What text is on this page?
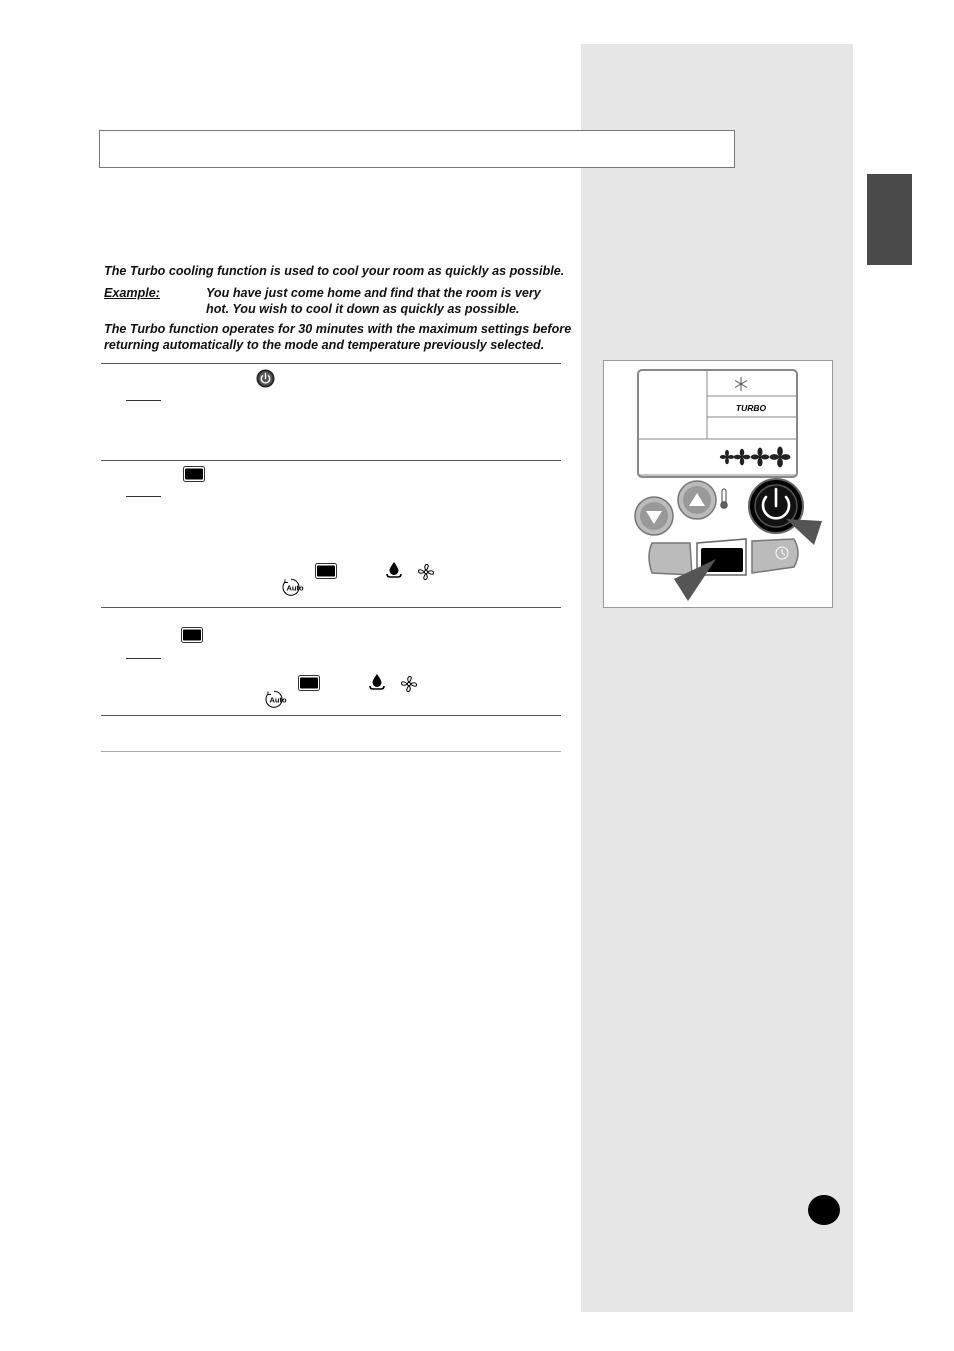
The Turbo cooling function is used to cool your room as quickly as possible.
Example:	You have just come home and find that the room is very
hot. You wish to cool it down as quickly as possible.
The Turbo function operates for 30 minutes with the maximum settings before
returning automatically to the mode and temperature previously selected.
Auto
Auto
TURBO
